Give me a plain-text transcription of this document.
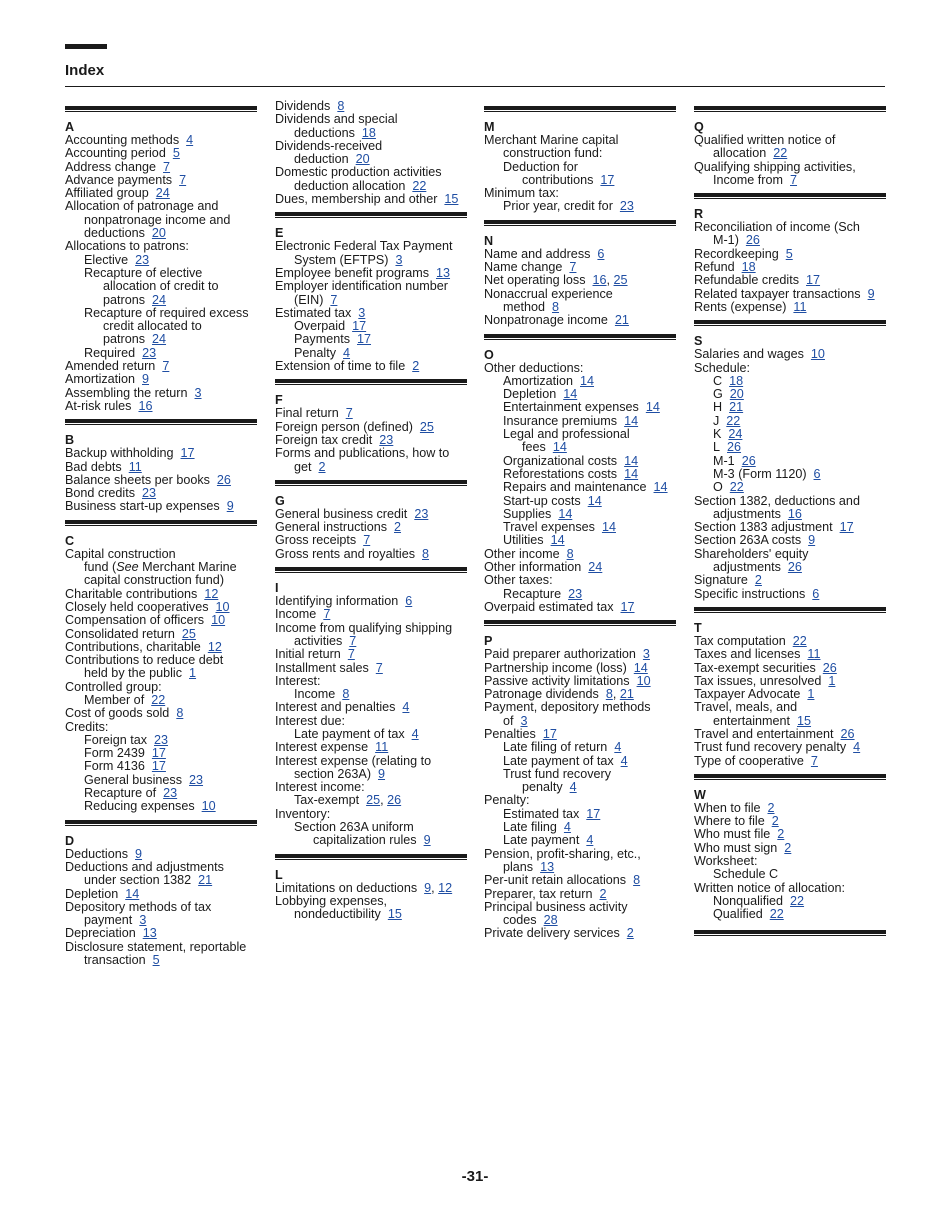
Index
A
Accounting methods 4
Accounting period 5
Address change 7
Advance payments 7
Affiliated group 24
Allocation of patronage and
nonpatronage income and
deductions 20
Allocations to patrons:
Elective 23
Recapture of elective
allocation of credit to
patrons 24
Recapture of required excess
credit allocated to
patrons 24
Required 23
Amended return 7
Amortization 9
Assembling the return 3
At-risk rules 16
B
Backup withholding 17
Bad debts 11
Balance sheets per books 26
Bond credits 23
Business start-up expenses 9
C
Capital construction
fund (See Merchant Marine
capital construction fund)
Charitable contributions 12
Closely held cooperatives 10
Compensation of officers 10
Consolidated return 25
Contributions, charitable 12
Contributions to reduce debt
held by the public 1
Controlled group:
Member of 22
Cost of goods sold 8
Credits:
Foreign tax 23
Form 2439 17
Form 4136 17
General business 23
Recapture of 23
Reducing expenses 10
D
Deductions 9
Deductions and adjustments
under section 1382 21
Depletion 14
Depository methods of tax
payment 3
Depreciation 13
Disclosure statement, reportable
transaction 5
Dividends 8
Dividends and special
deductions 18
Dividends-received
deduction 20
Domestic production activities
deduction allocation 22
Dues, membership and other 15
E
Electronic Federal Tax Payment
System (EFTPS) 3
Employee benefit programs 13
Employer identification number
(EIN) 7
Estimated tax 3
Overpaid 17
Payments 17
Penalty 4
Extension of time to file 2
F
Final return 7
Foreign person (defined) 25
Foreign tax credit 23
Forms and publications, how to
get 2
G
General business credit 23
General instructions 2
Gross receipts 7
Gross rents and royalties 8
I
Identifying information 6
Income 7
Income from qualifying shipping
activities 7
Initial return 7
Installment sales 7
Interest:
Income 8
Interest and penalties 4
Interest due:
Late payment of tax 4
Interest expense 11
Interest expense (relating to
section 263A) 9
Interest income:
Tax-exempt 25, 26
Inventory:
Section 263A uniform
capitalization rules 9
L
Limitations on deductions 9, 12
Lobbying expenses,
nondeductibility 15
M
Merchant Marine capital
construction fund:
Deduction for
contributions 17
Minimum tax:
Prior year, credit for 23
N
Name and address 6
Name change 7
Net operating loss 16, 25
Nonaccrual experience
method 8
Nonpatronage income 21
O
Other deductions:
Amortization 14
Depletion 14
Entertainment expenses 14
Insurance premiums 14
Legal and professional
fees 14
Organizational costs 14
Reforestations costs 14
Repairs and maintenance 14
Start-up costs 14
Supplies 14
Travel expenses 14
Utilities 14
Other income 8
Other information 24
Other taxes:
Recapture 23
Overpaid estimated tax 17
P
Paid preparer authorization 3
Partnership income (loss) 14
Passive activity limitations 10
Patronage dividends 8, 21
Payment, depository methods
of 3
Penalties 17
Late filing of return 4
Late payment of tax 4
Trust fund recovery
penalty 4
Penalty:
Estimated tax 17
Late filing 4
Late payment 4
Pension, profit-sharing, etc.,
plans 13
Per-unit retain allocations 8
Preparer, tax return 2
Principal business activity
codes 28
Private delivery services 2
Q
Qualified written notice of
allocation 22
Qualifying shipping activities,
Income from 7
R
Reconciliation of income (Sch
M-1) 26
Recordkeeping 5
Refund 18
Refundable credits 17
Related taxpayer transactions 9
Rents (expense) 11
S
Salaries and wages 10
Schedule:
C 18
G 20
H 21
J 22
K 24
L 26
M-1 26
M-3 (Form 1120) 6
O 22
Section 1382, deductions and
adjustments 16
Section 1383 adjustment 17
Section 263A costs 9
Shareholders' equity
adjustments 26
Signature 2
Specific instructions 6
T
Tax computation 22
Taxes and licenses 11
Tax-exempt securities 26
Tax issues, unresolved 1
Taxpayer Advocate 1
Travel, meals, and
entertainment 15
Travel and entertainment 26
Trust fund recovery penalty 4
Type of cooperative 7
W
When to file 2
Where to file 2
Who must file 2
Who must sign 2
Worksheet:
Schedule C
Written notice of allocation:
Nonqualified 22
Qualified 22
-31-
